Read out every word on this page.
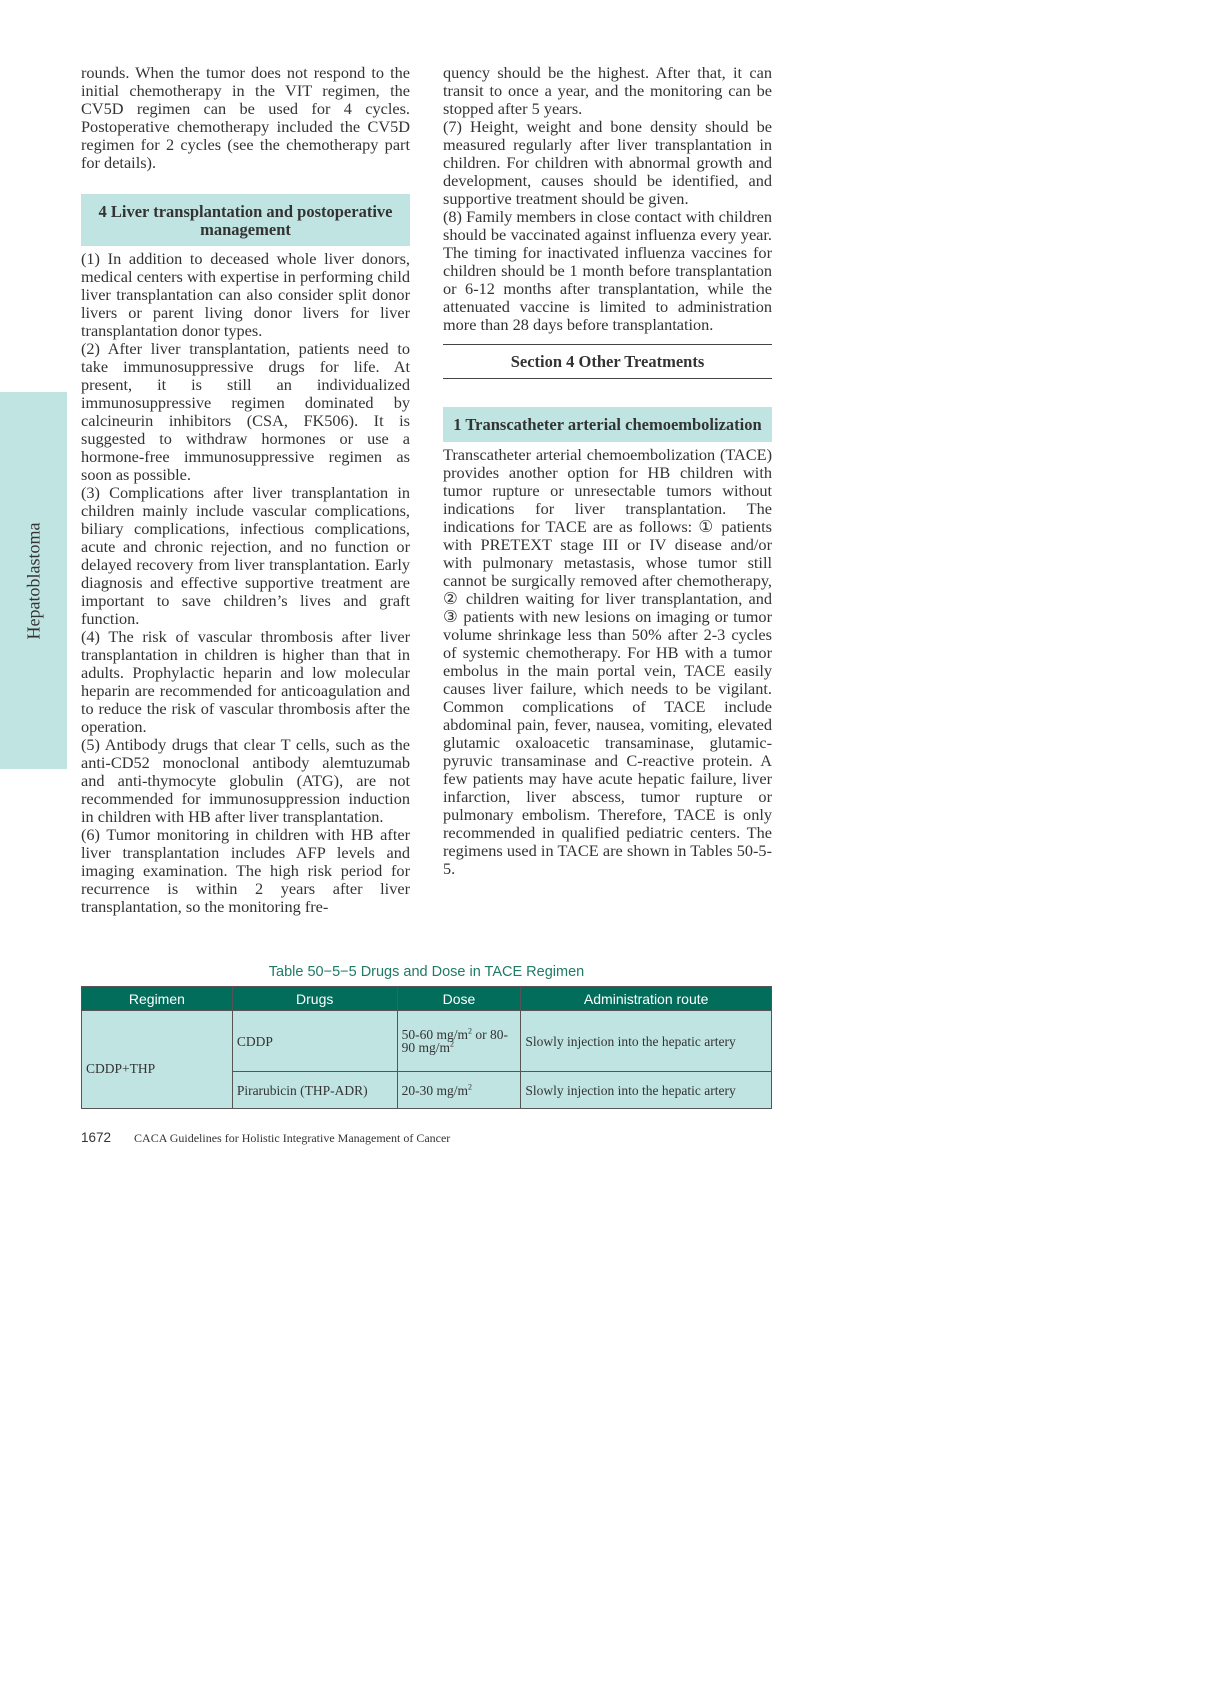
Hepatoblastoma

rounds. When the tumor does not respond to the initial chemotherapy in the VIT regimen, the CV5D regimen can be used for 4 cycles. Postoperative chemotherapy included the CV5D regimen for 2 cycles (see the chemotherapy part for details).

4 Liver transplantation and postoperative management

(1) In addition to deceased whole liver donors, medical centers with expertise in performing child liver transplantation can also consider split donor livers or parent living donor livers for liver transplantation donor types.

(2) After liver transplantation, patients need to take immunosuppressive drugs for life. At present, it is still an individualized immunosuppressive regimen dominated by calcineurin inhibitors (CSA, FK506). It is suggested to withdraw hormones or use a hormone-free immunosuppressive regimen as soon as possible.

(3) Complications after liver transplantation in children mainly include vascular complications, biliary complications, infectious complications, acute and chronic rejection, and no function or delayed recovery from liver transplantation. Early diagnosis and effective supportive treatment are important to save children’s lives and graft function.

(4) The risk of vascular thrombosis after liver transplantation in children is higher than that in adults. Prophylactic heparin and low molecular heparin are recommended for anticoagulation and to reduce the risk of vascular thrombosis after the operation.

(5) Antibody drugs that clear T cells, such as the anti-CD52 monoclonal antibody alemtuzumab and anti-thymocyte globulin (ATG), are not recommended for immunosuppression induction in children with HB after liver transplantation.

(6) Tumor monitoring in children with HB after liver transplantation includes AFP levels and imaging examination. The high risk period for recurrence is within 2 years after liver transplantation, so the monitoring fre-

quency should be the highest. After that, it can transit to once a year, and the monitoring can be stopped after 5 years.

(7) Height, weight and bone density should be measured regularly after liver transplantation in children. For children with abnormal growth and development, causes should be identified, and supportive treatment should be given.

(8) Family members in close contact with children should be vaccinated against influenza every year. The timing for inactivated influenza vaccines for children should be 1 month before transplantation or 6-12 months after transplantation, while the attenuated vaccine is limited to administration more than 28 days before transplantation.

Section 4 Other Treatments
1 Transcatheter arterial chemoembolization

Transcatheter arterial chemoembolization (TACE) provides another option for HB children with tumor rupture or unresectable tumors without indications for liver transplantation. The indications for TACE are as follows: ① patients with PRETEXT stage III or IV disease and/or with pulmonary metastasis, whose tumor still cannot be surgically removed after chemotherapy, ② children waiting for liver transplantation, and ③ patients with new lesions on imaging or tumor volume shrinkage less than 50% after 2-3 cycles of systemic chemotherapy. For HB with a tumor embolus in the main portal vein, TACE easily causes liver failure, which needs to be vigilant. Common complications of TACE include abdominal pain, fever, nausea, vomiting, elevated glutamic oxaloacetic transaminase, glutamic-pyruvic transaminase and C-reactive protein. A few patients may have acute hepatic failure, liver infarction, liver abscess, tumor rupture or pulmonary embolism. Therefore, TACE is only recommended in qualified pediatric centers. The regimens used in TACE are shown in Tables 50-5-5.

Table 50−5−5 Drugs and Dose in TACE Regimen
Regimen	Drugs	Dose	Administration route
CDDP+THP	CDDP	50-60 $mg/m^2$ or 80-90 $mg/m^2$	Slowly injection into the hepatic artery
	Pirarubicin (THP-ADR)	20-30 $mg/m^2$	Slowly injection into the hepatic artery
1672 CACA Guidelines for Holistic Integrative Management of Cancer
